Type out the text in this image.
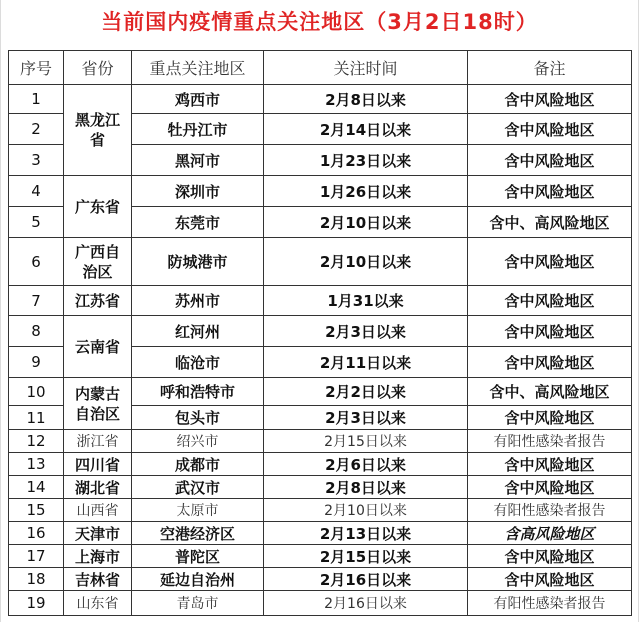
当前国内疫情重点关注地区（3月2日18时）
序号	省份	重点关注地区	关注时间	备注
1	黑龙江省	鸡西市	2月8日以来	含中风险地区
2		牡丹江市	2月14日以来	含中风险地区
3		黑河市	1月23日以来	含中风险地区
4	广东省	深圳市	1月26日以来	含中风险地区
5		东莞市	2月10日以来	含中、高风险地区
6	广西自治区	防城港市	2月10日以来	含中风险地区
7	江苏省	苏州市	1月31以来	含中风险地区
8	云南省	红河州	2月3日以来	含中风险地区
9		临沧市	2月11日以来	含中风险地区
10	内蒙古自治区	呼和浩特市	2月2日以来	含中、高风险地区
11		包头市	2月3日以来	含中风险地区
12	浙江省	绍兴市	2月15日以来	有阳性感染者报告
13	四川省	成都市	2月6日以来	含中风险地区
14	湖北省	武汉市	2月8日以来	含中风险地区
15	山西省	太原市	2月10日以来	有阳性感染者报告
16	天津市	空港经济区	2月13日以来	含高风险地区
17	上海市	普陀区	2月15日以来	含中风险地区
18	吉林省	延边自治州	2月16日以来	含中风险地区
19	山东省	青岛市	2月16日以来	有阳性感染者报告
